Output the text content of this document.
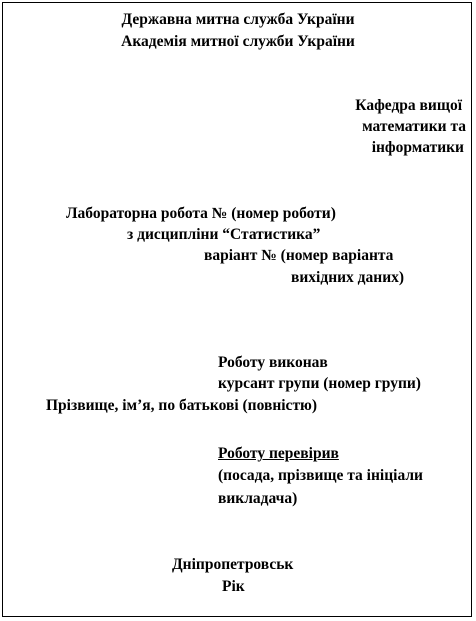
Державна митна служба України
Академія митної служби України
Кафедра вищої
математики та
інформатики
Лабораторна робота № (номер роботи)
з дисципліни “Статистика”
варіант № (номер варіанта
вихідних даних)
Роботу виконав
курсант групи (номер групи)
Прізвище, ім’я, по батькові (повністю)
Роботу перевірив
(посада, прізвище та ініціали
викладача)
Дніпропетровськ
Рік
